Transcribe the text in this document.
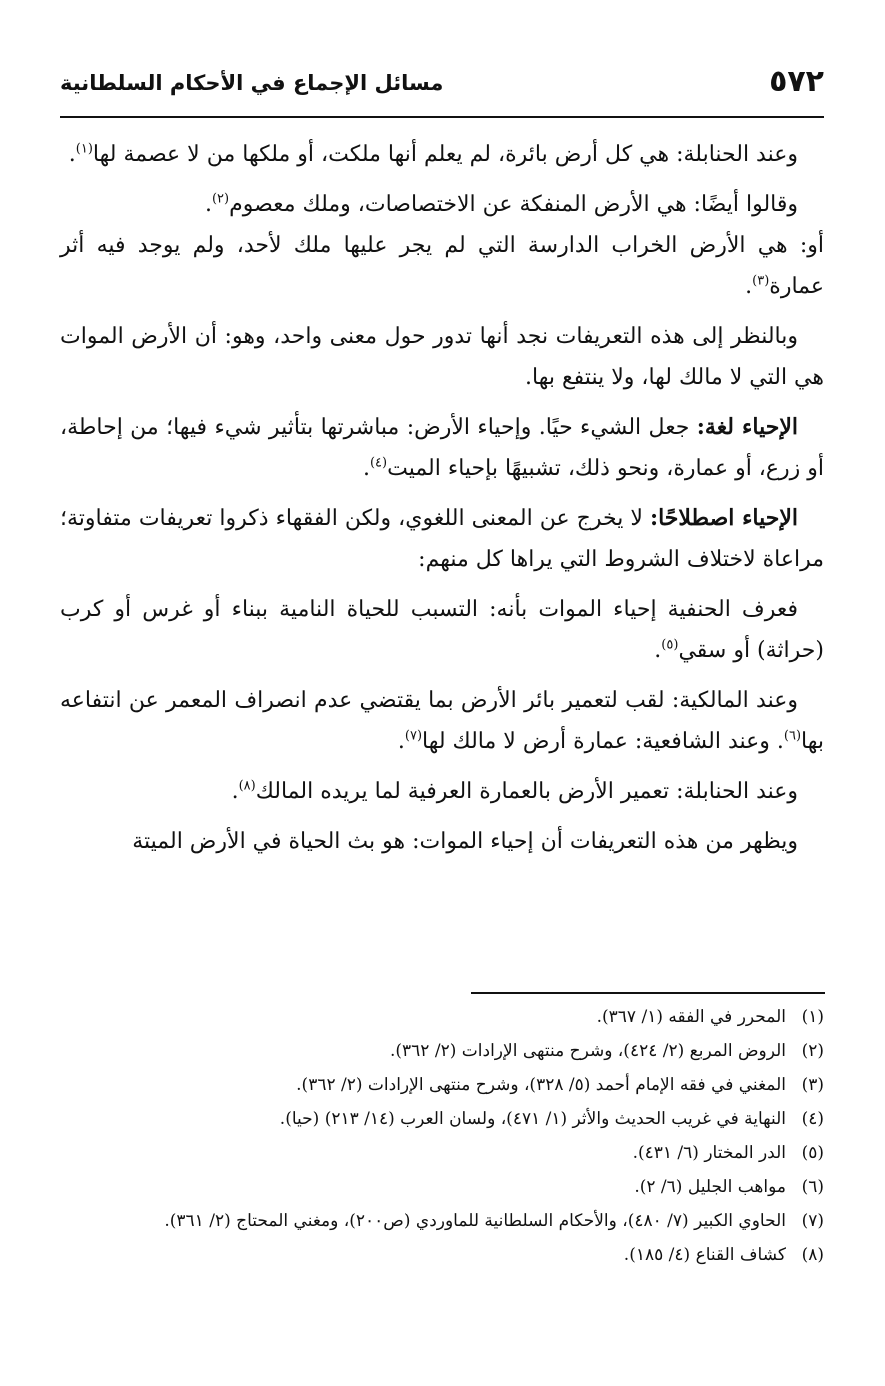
٥٧٢
مسائل الإجماع في الأحكام السلطانية

وعند الحنابلة: هي كل أرض بائرة، لم يعلم أنها ملكت، أو ملكها من لا عصمة لها$^{(١)}$.

وقالوا أيضًا: هي الأرض المنفكة عن الاختصاصات، وملك معصوم$^{(٢)}$.

أو: هي الأرض الخراب الدارسة التي لم يجر عليها ملك لأحد، ولم يوجد فيه أثر عمارة$^{(٣)}$.

وبالنظر إلى هذه التعريفات نجد أنها تدور حول معنى واحد، وهو: أن الأرض الموات هي التي لا مالك لها، ولا ينتفع بها.

الإحياء لغة: جعل الشيء حيًا. وإحياء الأرض: مباشرتها بتأثير شيء فيها؛ من إحاطة، أو زرع، أو عمارة، ونحو ذلك، تشبيهًا بإحياء الميت$^{(٤)}$.

الإحياء اصطلاحًا: لا يخرج عن المعنى اللغوي، ولكن الفقهاء ذكروا تعريفات متفاوتة؛ مراعاة لاختلاف الشروط التي يراها كل منهم:

فعرف الحنفية إحياء الموات بأنه: التسبب للحياة النامية ببناء أو غرس أو كرب (حراثة) أو سقي$^{(٥)}$.

وعند المالكية: لقب لتعمير بائر الأرض بما يقتضي عدم انصراف المعمر عن انتفاعه بها$^{(٦)}$. وعند الشافعية: عمارة أرض لا مالك لها$^{(٧)}$.

وعند الحنابلة: تعمير الأرض بالعمارة العرفية لما يريده المالك$^{(٨)}$.

ويظهر من هذه التعريفات أن إحياء الموات: هو بث الحياة في الأرض الميتة

(١)
المحرر في الفقه (١/ ٣٦٧).

(٢)
الروض المربع (٢/ ٤٢٤)، وشرح منتهى الإرادات (٢/ ٣٦٢).

(٣)
المغني في فقه الإمام أحمد (٥/ ٣٢٨)، وشرح منتهى الإرادات (٢/ ٣٦٢).

(٤)
النهاية في غريب الحديث والأثر (١/ ٤٧١)، ولسان العرب (١٤/ ٢١٣) (حيا).

(٥)
الدر المختار (٦/ ٤٣١).

(٦)
مواهب الجليل (٦/ ٢).

(٧)
الحاوي الكبير (٧/ ٤٨٠)، والأحكام السلطانية للماوردي (ص٢٠٠)، ومغني المحتاج (٢/ ٣٦١).

(٨)
كشاف القناع (٤/ ١٨٥).
